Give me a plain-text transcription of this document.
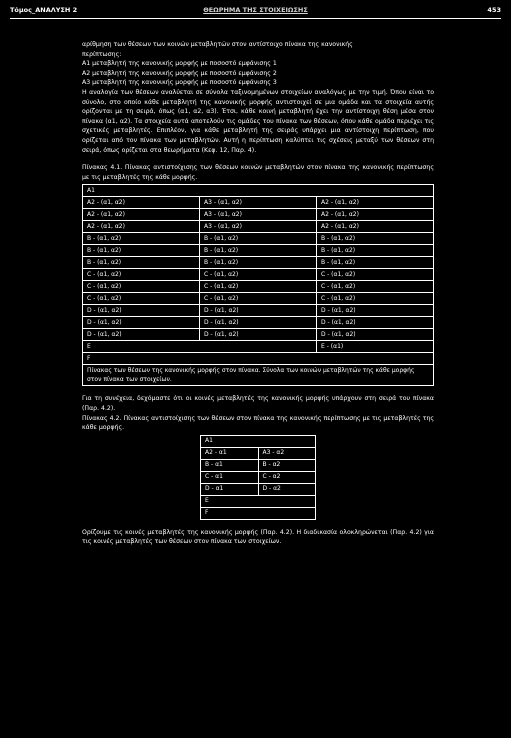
Τόμος_ΑΝΑΛΥΣΗ 2	ΘΕΩΡΗΜΑ ΤΗΣ ΣΤΟΙΧΕΙΩΣΗΣ	453
αρίθμηση των θέσεων των κοινών μεταβλητών στον αντίστοιχο πίνακα της κανονικής
περίπτωσης:
Α1 μεταβλητή της κανονικής μορφής με ποσοστό εμφάνισης 1
Α2 μεταβλητή της κανονικής μορφής με ποσοστό εμφάνισης 2
Α3 μεταβλητή της κανονικής μορφής με ποσοστό εμφάνισης 3

Η αναλογία των θέσεων αναλύεται σε σύνολα ταξινομημένων στοιχείων αναλόγως με την τιμή. Όπου είναι το σύνολο, στο οποίο κάθε μεταβλητή της κανονικής μορφής αντιστοιχεί σε μια ομάδα και τα στοιχεία αυτής ορίζονται με τη σειρά, όπως (α1, α2, α3). Έτσι, κάθε κοινή μεταβλητή έχει την αντίστοιχη θέση μέσα στον πίνακα (α1, α2). Τα στοιχεία αυτά αποτελούν τις ομάδες του πίνακα των θέσεων, όπου κάθε ομάδα περιέχει τις σχετικές μεταβλητές. Επιπλέον, για κάθε μεταβλητή της σειράς υπάρχει μια αντίστοιχη περίπτωση, που ορίζεται από τον πίνακα των μεταβλητών. Αυτή η περίπτωση καλύπτει τις σχέσεις μεταξύ των θέσεων στη σειρά, όπως ορίζεται στα θεωρήματα (Κεφ. 12, Παρ. 4).

Πίνακας 4.1. Πίνακας αντιστοίχισης των θέσεων κοινών μεταβλητών στον πίνακα της κανονικής περίπτωσης με τις μεταβλητές της κάθε μορφής.

A1		
A2 - (α1, α2)	A3 - (α1, α2)	A2 - (α1, α2)
A2 - (α1, α2)	A3 - (α1, α2)	A2 - (α1, α2)
A2 - (α1, α2)	A3 - (α1, α2)	A2 - (α1, α2)
Β - (α1, α2)	Β - (α1, α2)	Β - (α1, α2)
Β - (α1, α2)	Β - (α1, α2)	Β - (α1, α2)
Β - (α1, α2)	Β - (α1, α2)	Β - (α1, α2)
C - (α1, α2)	C - (α1, α2)	C - (α1, α2)
C - (α1, α2)	C - (α1, α2)	C - (α1, α2)
C - (α1, α2)	C - (α1, α2)	C - (α1, α2)
D - (α1, α2)	D - (α1, α2)	D - (α1, α2)
D - (α1, α2)	D - (α1, α2)	D - (α1, α2)
D - (α1, α2)	D - (α1, α2)	D - (α1, α2)
E		E - (α1)
F		
Πίνακας των θέσεων της κανονικής μορφής στον πίνακα. Σύνολα των κοινών μεταβλητών της κάθε μορφής στον πίνακα των στοιχείων.		

Για τη συνέχεια, δεχόμαστε ότι οι κοινές μεταβλητές της κανονικής μορφής υπάρχουν στη σειρά του πίνακα (Παρ. 4.2).

Πίνακας 4.2. Πίνακας αντιστοίχισης των θέσεων στον πίνακα της κανονικής περίπτωσης με τις μεταβλητές της κάθε μορφής.

A1	
A2 - α1	A3 - α2
B - α1	B - α2
C - α1	C - α2
D - α1	D - α2
E	
F	

Ορίζουμε τις κοινές μεταβλητές της κανονικής μορφής (Παρ. 4.2). Η διαδικασία ολοκληρώνεται (Παρ. 4.2) για τις κοινές μεταβλητές των θέσεων στον πίνακα των στοιχείων.
